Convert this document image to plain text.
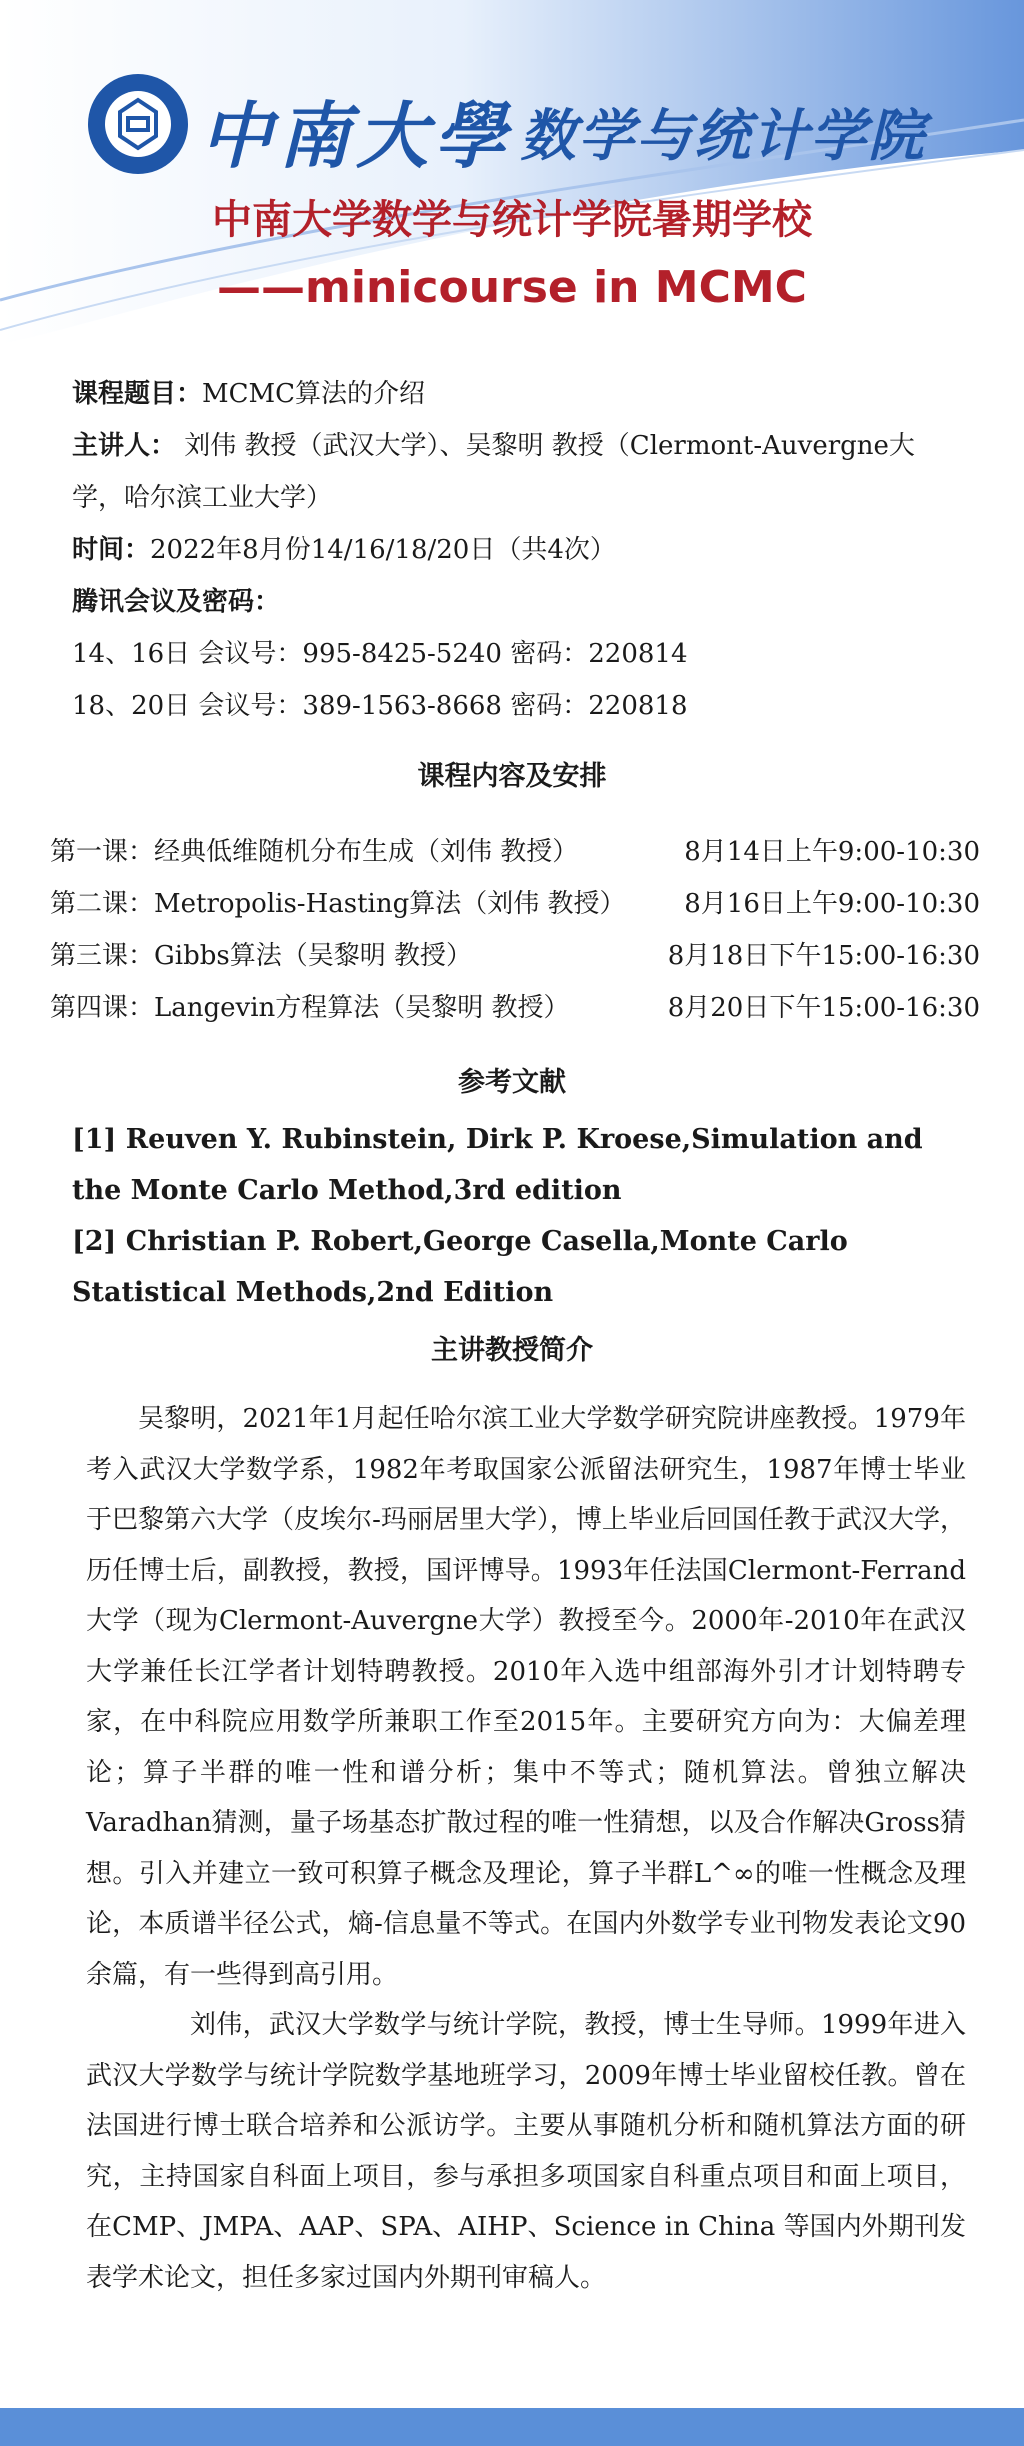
中南大學 数学与统计学院
中南大学数学与统计学院暑期学校
——minicourse in MCMC
课程题目：MCMC算法的介绍
主讲人： 刘伟 教授（武汉大学）、吴黎明 教授（Clermont-Auvergne大
学，哈尔滨工业大学）
时间：2022年8月份14/16/18/20日（共4次）
腾讯会议及密码：
14、16日 会议号：995-8425-5240 密码：220814
18、20日 会议号：389-1563-8668 密码：220818
课程内容及安排
第一课：经典低维随机分布生成（刘伟 教授）	8月14日上午9:00-10:30
第二课：Metropolis-Hasting算法（刘伟 教授） 8月16日上午9:00-10:30
第三课：Gibbs算法（吴黎明 教授）	8月18日下午15:00-16:30
第四课：Langevin方程算法（吴黎明 教授）	8月20日下午15:00-16:30
参考文献
[1] Reuven Y. Rubinstein, Dirk P. Kroese,Simulation and the Monte Carlo Method,3rd edition
[2] Christian P. Robert,George Casella,Monte Carlo Statistical Methods,2nd Edition
主讲教授简介

吴黎明，2021年1月起任哈尔滨工业大学数学研究院讲座教授。1979年考入武汉大学数学系，1982年考取国家公派留法研究生，1987年博士毕业于巴黎第六大学（皮埃尔-玛丽居里大学），博上毕业后回国任教于武汉大学，历任博士后，副教授，教授，国评博导。1993年任法国Clermont-Ferrand大学（现为Clermont-Auvergne大学）教授至今。2000年-2010年在武汉大学兼任长江学者计划特聘教授。2010年入选中组部海外引才计划特聘专家，在中科院应用数学所兼职工作至2015年。主要研究方向为：大偏差理论；算子半群的唯一性和谱分析；集中不等式；随机算法。曾独立解决Varadhan猜测，量子场基态扩散过程的唯一性猜想，以及合作解决Gross猜想。引入并建立一致可积算子概念及理论，算子半群L^∞的唯一性概念及理论，本质谱半径公式，熵-信息量不等式。在国内外数学专业刊物发表论文90余篇，有一些得到高引用。

刘伟，武汉大学数学与统计学院，教授，博士生导师。1999年进入武汉大学数学与统计学院数学基地班学习，2009年博士毕业留校任教。曾在法国进行博士联合培养和公派访学。主要从事随机分析和随机算法方面的研究，主持国家自科面上项目，参与承担多项国家自科重点项目和面上项目，在CMP、JMPA、AAP、SPA、AIHP、Science in China 等国内外期刊发表学术论文，担任多家过国内外期刊审稿人。
